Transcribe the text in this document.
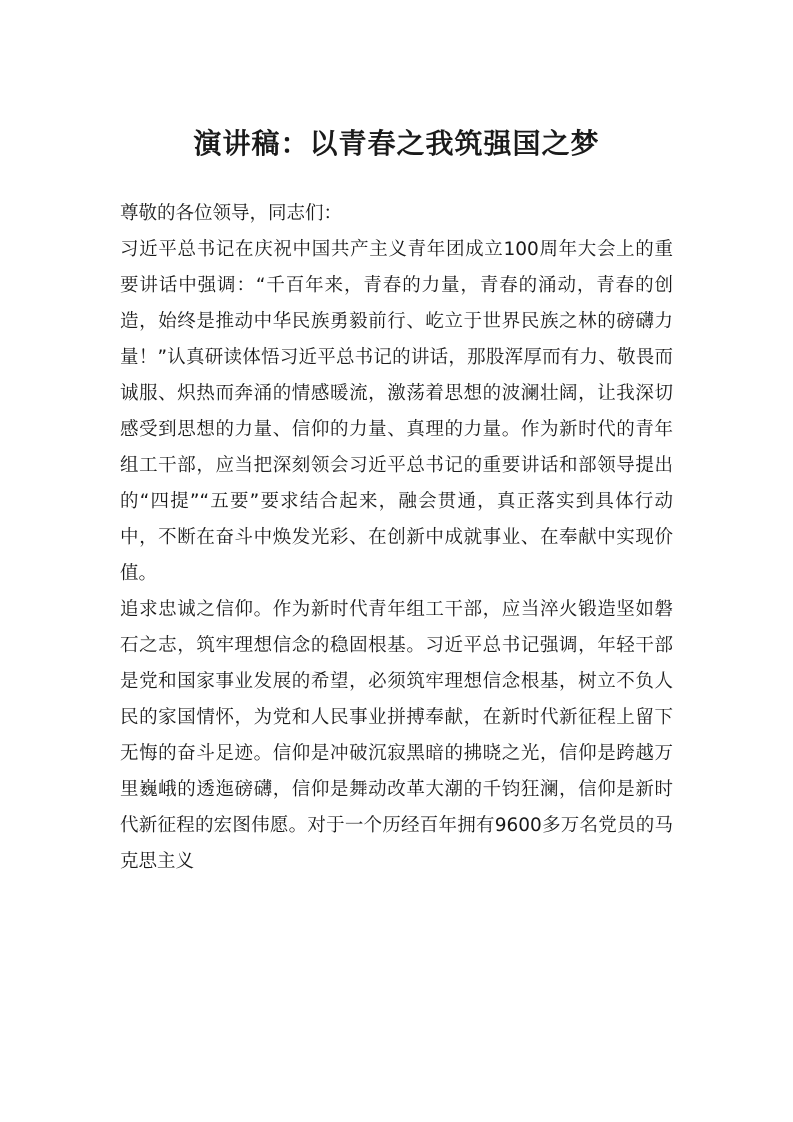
演讲稿：以青春之我筑强国之梦

尊敬的各位领导，同志们：

习近平总书记在庆祝中国共产主义青年团成立100周年大会上的重要讲话中强调：“千百年来，青春的力量，青春的涌动，青春的创造，始终是推动中华民族勇毅前行、屹立于世界民族之林的磅礴力量！”认真研读体悟习近平总书记的讲话，那股浑厚而有力、敬畏而诚服、炽热而奔涌的情感暖流，激荡着思想的波澜壮阔，让我深切感受到思想的力量、信仰的力量、真理的力量。作为新时代的青年组工干部，应当把深刻领会习近平总书记的重要讲话和部领导提出的“四提”“五要”要求结合起来，融会贯通，真正落实到具体行动中，不断在奋斗中焕发光彩、在创新中成就事业、在奉献中实现价值。

追求忠诚之信仰。作为新时代青年组工干部，应当淬火锻造坚如磐石之志，筑牢理想信念的稳固根基。习近平总书记强调，年轻干部是党和国家事业发展的希望，必须筑牢理想信念根基，树立不负人民的家国情怀，为党和人民事业拼搏奉献，在新时代新征程上留下无悔的奋斗足迹。信仰是冲破沉寂黑暗的拂晓之光，信仰是跨越万里巍峨的透迤磅礴，信仰是舞动改革大潮的千钧狂澜，信仰是新时代新征程的宏图伟愿。对于一个历经百年拥有9600多万名党员的马克思主义
